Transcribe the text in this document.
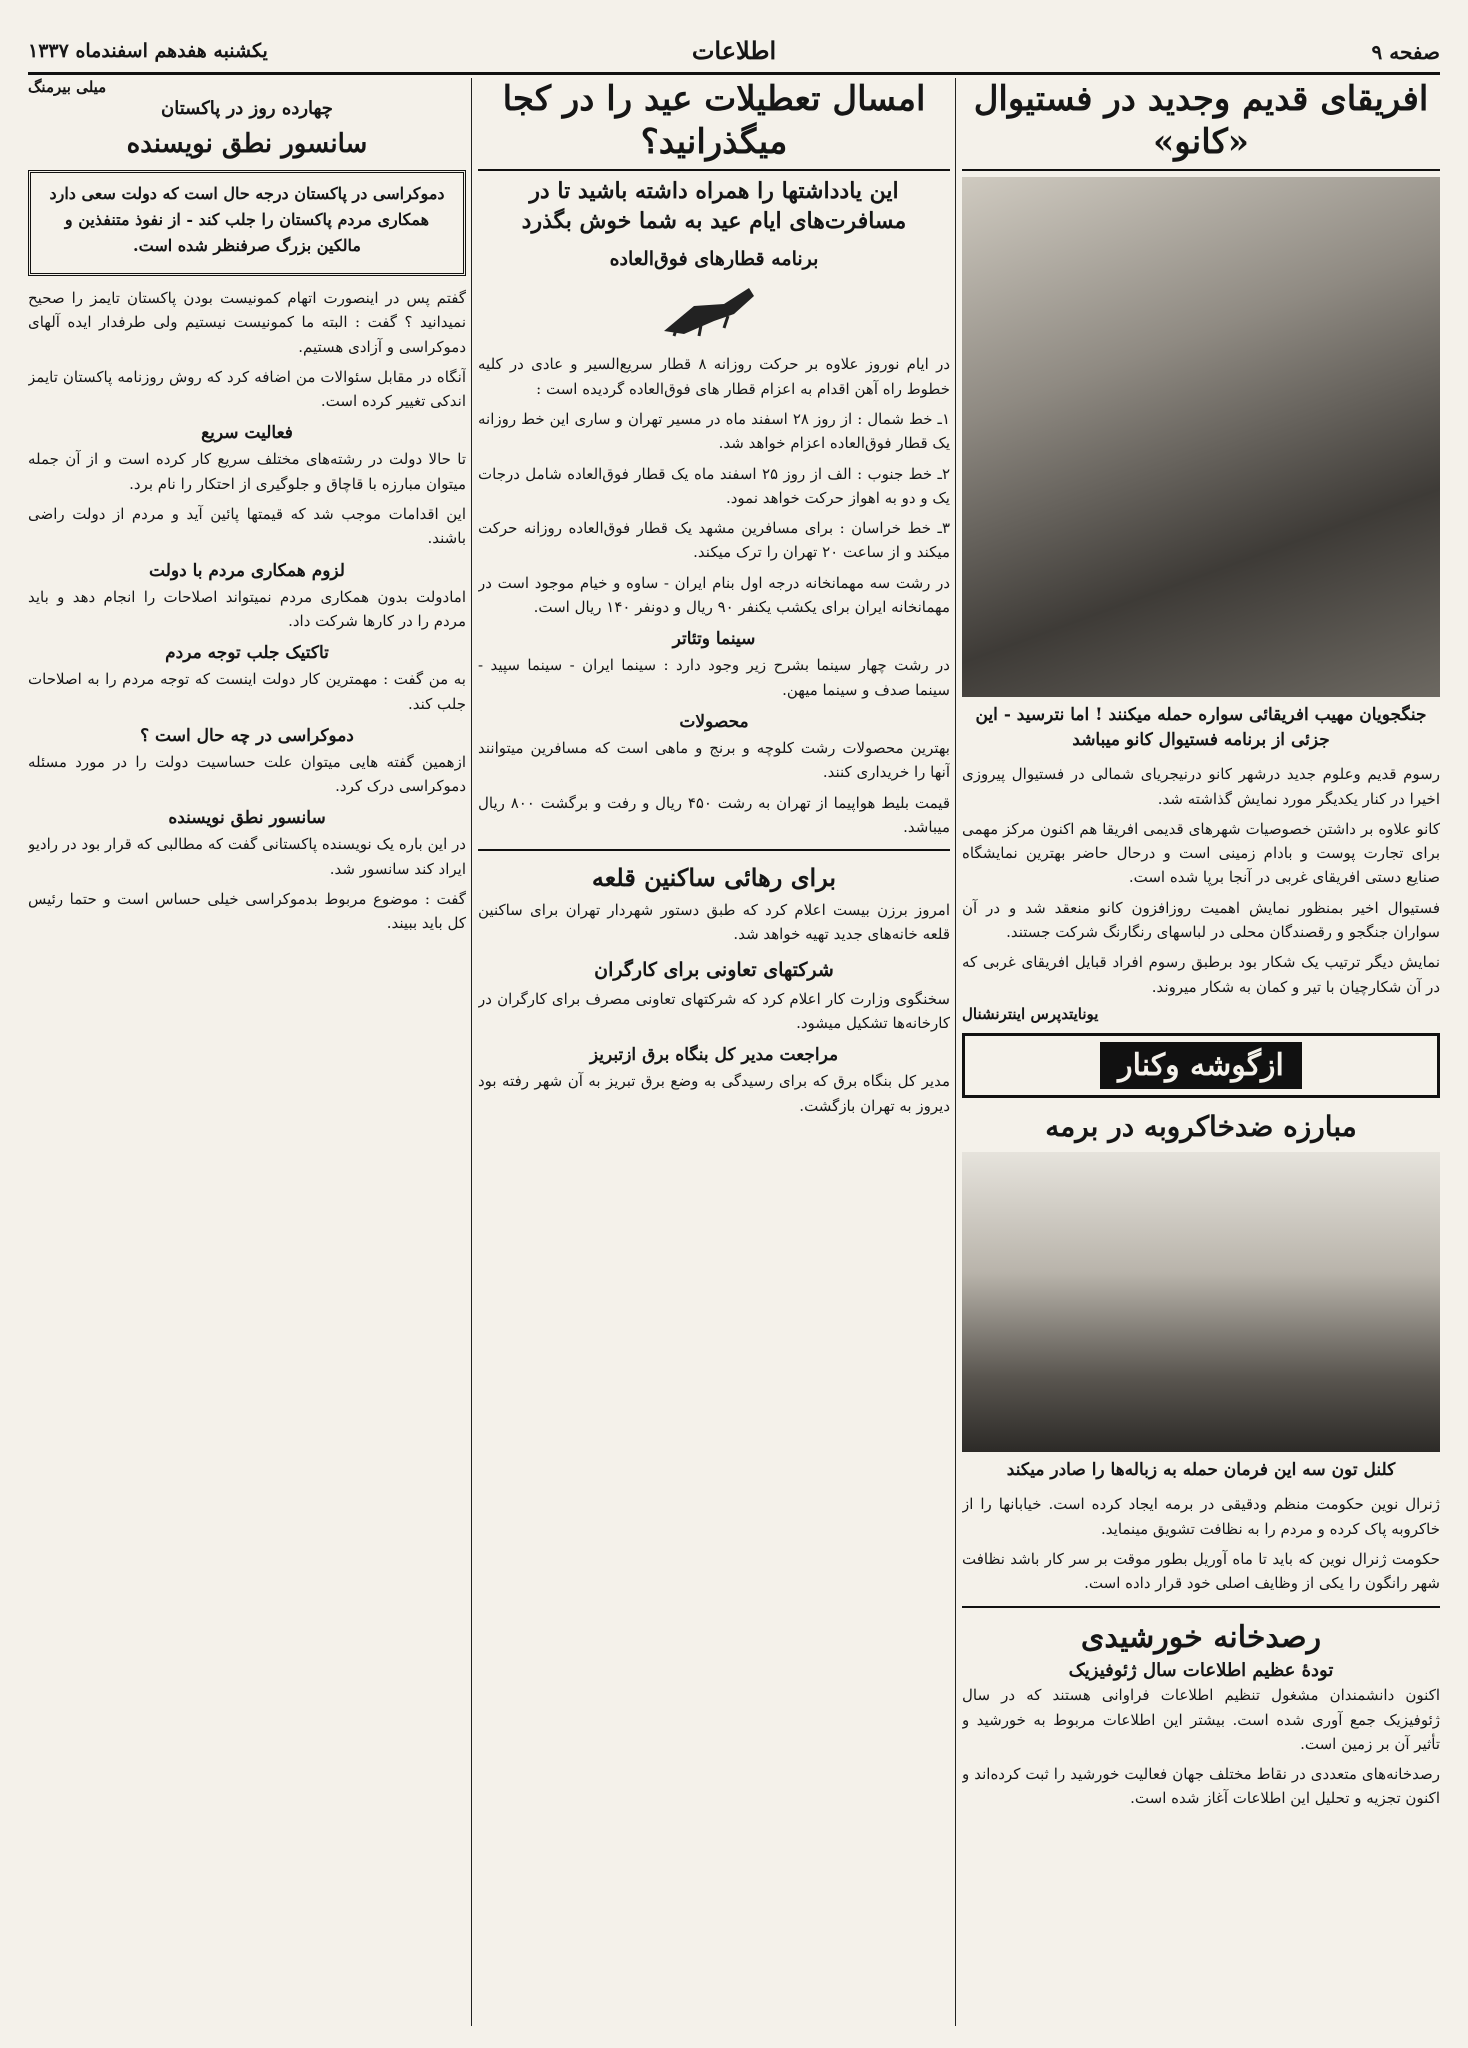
صفحه ۹
اطلاعات
یکشنبه هفدهم اسفندماه ۱۳۳۷
افریقای قدیم وجدید در فستیوال «کانو»
جنگجویان مهیب افریقائی سواره حمله میکنند ! اما نترسید - این جزئی از برنامه فستیوال کانو میباشد

رسوم قدیم وعلوم جدید درشهر کانو درنیجریای شمالی در فستیوال پیروزی اخیرا در کنار یکدیگر مورد نمایش گذاشته شد.

کانو علاوه بر داشتن خصوصیات شهرهای قدیمی افریقا هم اکنون مرکز مهمی برای تجارت پوست و بادام زمینی است و درحال حاضر بهترین نمایشگاه صنایع دستی افریقای غربی در آنجا برپا شده است.

فستیوال اخیر بمنظور نمایش اهمیت روزافزون کانو منعقد شد و در آن سواران جنگجو و رقصندگان محلی در لباسهای رنگارنگ شرکت جستند.

نمایش دیگر ترتیب یک شکار بود برطبق رسوم افراد قبایل افریقای غربی که در آن شکارچیان با تیر و کمان به شکار میروند.

یونایتدپرس اینترنشنال
ازگوشه وکنار
مبارزه ضدخاکروبه در برمه
کلنل تون سه این فرمان حمله به زباله‌ها را صادر میکند

ژنرال نوین حکومت منظم ودقیقی در برمه ایجاد کرده است. خیابانها را از خاکروبه پاک کرده و مردم را به نظافت تشویق مینماید.

حکومت ژنرال نوین که باید تا ماه آوریل بطور موقت بر سر کار باشد نظافت شهر رانگون را یکی از وظایف اصلی خود قرار داده است.

رصدخانه خورشیدی
تودهٔ عظیم اطلاعات سال ژئوفیزیک

اکنون دانشمندان مشغول تنظیم اطلاعات فراوانی هستند که در سال ژئوفیزیک جمع آوری شده است. بیشتر این اطلاعات مربوط به خورشید و تأثیر آن بر زمین است.

رصدخانه‌های متعددی در نقاط مختلف جهان فعالیت خورشید را ثبت کرده‌اند و اکنون تجزیه و تحلیل این اطلاعات آغاز شده است.

امسال تعطیلات عید را در کجا میگذرانید؟
این یادداشتها را همراه داشته باشید تا در مسافرت‌های ایام عید به شما خوش بگذرد
برنامه قطارهای فوق‌العاده

در ایام نوروز علاوه بر حرکت روزانه ۸ قطار سریع‌السیر و عادی در کلیه خطوط راه آهن اقدام به اعزام قطار های فوق‌العاده گردیده است :

۱ـ خط شمال : از روز ۲۸ اسفند ماه در مسیر تهران و ساری این خط روزانه یک قطار فوق‌العاده اعزام خواهد شد.

۲ـ خط جنوب : الف از روز ۲۵ اسفند ماه یک قطار فوق‌العاده شامل درجات یک و دو به اهواز حرکت خواهد نمود.

۳ـ خط خراسان : برای مسافرین مشهد یک قطار فوق‌العاده روزانه حرکت میکند و از ساعت ۲۰ تهران را ترک میکند.

در رشت سه مهمانخانه درجه اول بنام ایران - ساوه و خیام موجود است در مهمانخانه ایران برای یکشب یکنفر ۹۰ ریال و دونفر ۱۴۰ ریال است.

سینما وتئاتر

در رشت چهار سینما بشرح زیر وجود دارد : سینما ایران - سینما سپید - سینما صدف و سینما میهن.

محصولات

بهترین محصولات رشت کلوچه و برنج و ماهی است که مسافرین میتوانند آنها را خریداری کنند.

قیمت بلیط هواپیما از تهران به رشت ۴۵۰ ریال و رفت و برگشت ۸۰۰ ریال میباشد.

برای رهائی ساکنین قلعه

امروز برزن بیست اعلام کرد که طبق دستور شهردار تهران برای ساکنین قلعه خانه‌های جدید تهیه خواهد شد.

شرکتهای تعاونی برای کارگران

سخنگوی وزارت کار اعلام کرد که شرکتهای تعاونی مصرف برای کارگران در کارخانه‌ها تشکیل میشود.

مراجعت مدیر کل بنگاه برق ازتبریز

مدیر کل بنگاه برق که برای رسیدگی به وضع برق تبریز به آن شهر رفته بود دیروز به تهران بازگشت.

میلی بیرمنگ
چهارده روز در پاکستان
سانسور نطق نویسنده

دموکراسی در پاکستان درجه حال است که دولت سعی دارد همکاری مردم پاکستان را جلب کند - از نفوذ متنفذین و مالکین بزرگ صرفنظر شده است.

گفتم پس در اینصورت اتهام کمونیست بودن پاکستان تایمز را صحیح نمیدانید ؟ گفت : البته ما کمونیست نیستیم ولی طرفدار ایده آلهای دموکراسی و آزادی هستیم.

آنگاه در مقابل سئوالات من اضافه کرد که روش روزنامه پاکستان تایمز اندکی تغییر کرده است.

فعالیت سریع

تا حالا دولت در رشته‌های مختلف سریع کار کرده است و از آن جمله میتوان مبارزه با قاچاق و جلوگیری از احتکار را نام برد.

این اقدامات موجب شد که قیمتها پائین آید و مردم از دولت راضی باشند.

لزوم همکاری مردم با دولت

امادولت بدون همکاری مردم نمیتواند اصلاحات را انجام دهد و باید مردم را در کارها شرکت داد.

تاکتیک جلب توجه مردم

به من گفت : مهمترین کار دولت اینست که توجه مردم را به اصلاحات جلب کند.

دموکراسی در چه حال است ؟

ازهمین گفته هایی میتوان علت حساسیت دولت را در مورد مسئله دموکراسی درک کرد.

سانسور نطق نویسنده

در این باره یک نویسنده پاکستانی گفت که مطالبی که قرار بود در رادیو ایراد کند سانسور شد.

گفت : موضوع مربوط بدموکراسی خیلی حساس است و حتما رئیس کل باید ببیند.
